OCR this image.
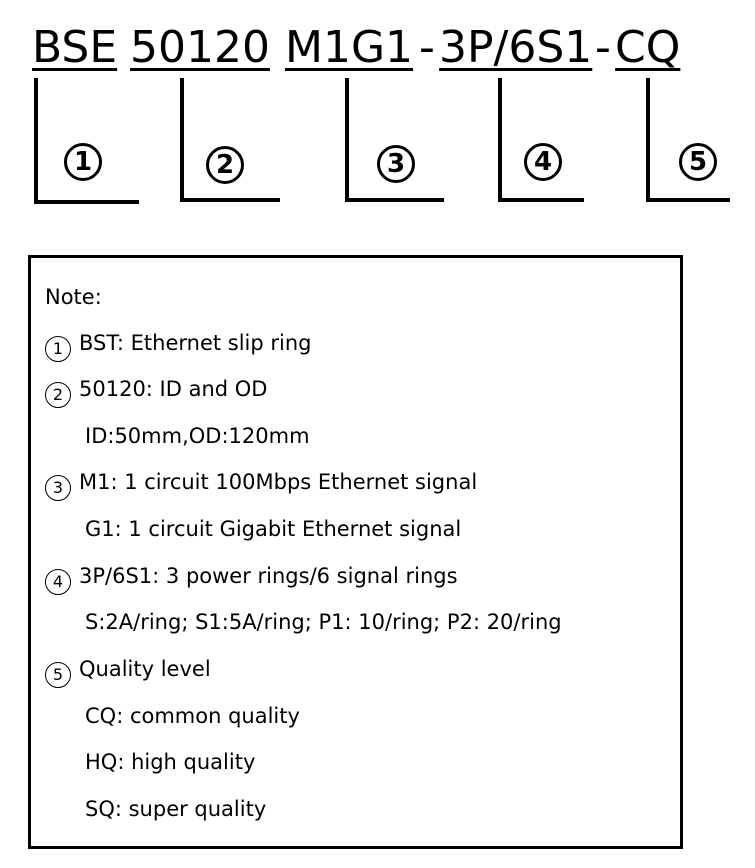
BSE 50120 M1G1 - 3P/6S1 - CQ
1	2	3	4	5
Note:
1 BST: Ethernet slip ring
2 50120: ID and OD
ID:50mm,OD:120mm
3 M1: 1 circuit 100Mbps Ethernet signal
G1: 1 circuit Gigabit Ethernet signal
4 3P/6S1: 3 power rings/6 signal rings
S:2A/ring; S1:5A/ring; P1: 10/ring; P2: 20/ring
5 Quality level
CQ: common quality
HQ: high quality
SQ: super quality
